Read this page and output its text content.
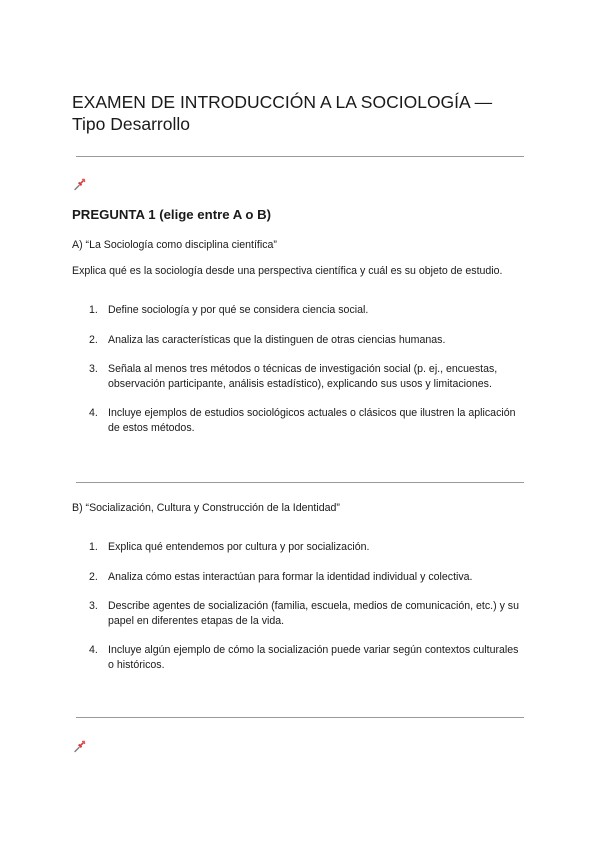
EXAMEN DE INTRODUCCIÓN A LA SOCIOLOGÍA —
Tipo Desarrollo
PREGUNTA 1 (elige entre A o B)

A) “La Sociología como disciplina científica”

Explica qué es la sociología desde una perspectiva científica y cuál es su objeto de estudio.

1. Define sociología y por qué se considera ciencia social.
2. Analiza las características que la distinguen de otras ciencias humanas.
3. Señala al menos tres métodos o técnicas de investigación social (p. ej., encuestas, observación participante, análisis estadístico), explicando sus usos y limitaciones.
4. Incluye ejemplos de estudios sociológicos actuales o clásicos que ilustren la aplicación de estos métodos.

B) “Socialización, Cultura y Construcción de la Identidad”

1. Explica qué entendemos por cultura y por socialización.
2. Analiza cómo estas interactúan para formar la identidad individual y colectiva.
3. Describe agentes de socialización (familia, escuela, medios de comunicación, etc.) y su papel en diferentes etapas de la vida.
4. Incluye algún ejemplo de cómo la socialización puede variar según contextos culturales o históricos.
